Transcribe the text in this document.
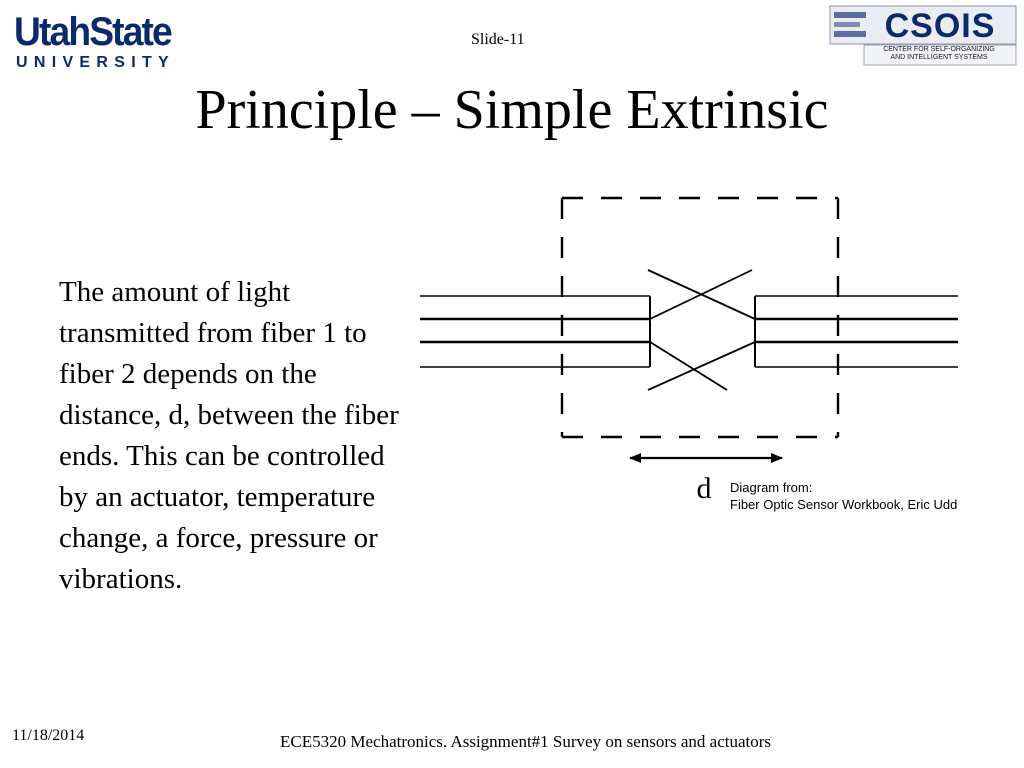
UtahState
UNIVERSITY
CSOIS
CENTER FOR SELF-ORGANIZING
AND INTELLIGENT SYSTEMS
Slide-11
Principle – Simple Extrinsic

The amount of light transmitted from fiber 1 to fiber 2 depends on the distance, d, between the fiber ends. This can be controlled by an actuator, temperature change, a force, pressure or vibrations.

d Diagram from:
Fiber Optic Sensor Workbook, Eric Udd
11/18/2014	ECE5320 Mechatronics. Assignment#1 Survey on sensors and actuators
